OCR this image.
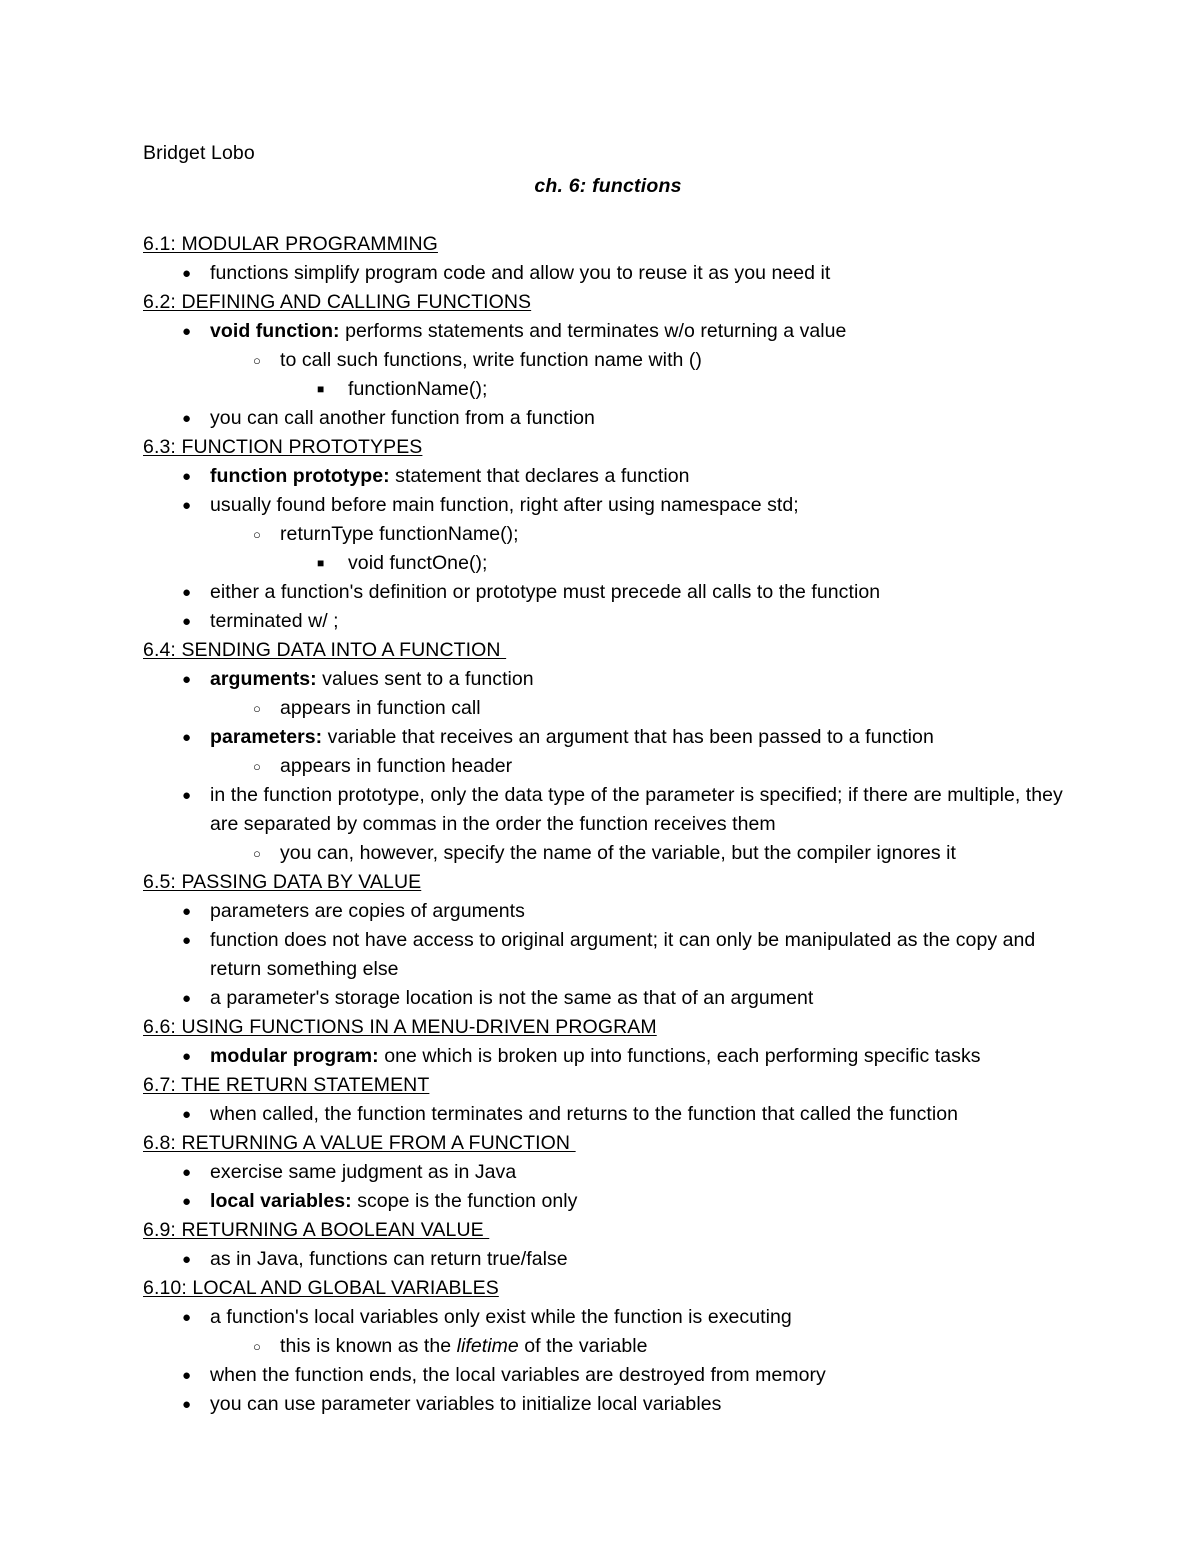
Bridget Lobo
ch. 6: functions
6.1: MODULAR PROGRAMMING
● functions simplify program code and allow you to reuse it as you need it
6.2: DEFINING AND CALLING FUNCTIONS
● void function: performs statements and terminates w/o returning a value
○ to call such functions, write function name with ()
■ functionName();
● you can call another function from a function
6.3: FUNCTION PROTOTYPES
● function prototype: statement that declares a function
● usually found before main function, right after using namespace std;
○ returnType functionName();
■ void functOne();
● either a function's definition or prototype must precede all calls to the function
● terminated w/ ;
6.4: SENDING DATA INTO A FUNCTION
● arguments: values sent to a function
○ appears in function call
● parameters: variable that receives an argument that has been passed to a function
○ appears in function header
● in the function prototype, only the data type of the parameter is specified; if there are multiple, they are separated by commas in the order the function receives them
○ you can, however, specify the name of the variable, but the compiler ignores it
6.5: PASSING DATA BY VALUE
● parameters are copies of arguments
● function does not have access to original argument; it can only be manipulated as the copy and return something else
● a parameter's storage location is not the same as that of an argument
6.6: USING FUNCTIONS IN A MENU-DRIVEN PROGRAM
● modular program: one which is broken up into functions, each performing specific tasks
6.7: THE RETURN STATEMENT
● when called, the function terminates and returns to the function that called the function
6.8: RETURNING A VALUE FROM A FUNCTION
● exercise same judgment as in Java
● local variables: scope is the function only
6.9: RETURNING A BOOLEAN VALUE
● as in Java, functions can return true/false
6.10: LOCAL AND GLOBAL VARIABLES
● a function's local variables only exist while the function is executing
○ this is known as the lifetime of the variable
● when the function ends, the local variables are destroyed from memory
● you can use parameter variables to initialize local variables
